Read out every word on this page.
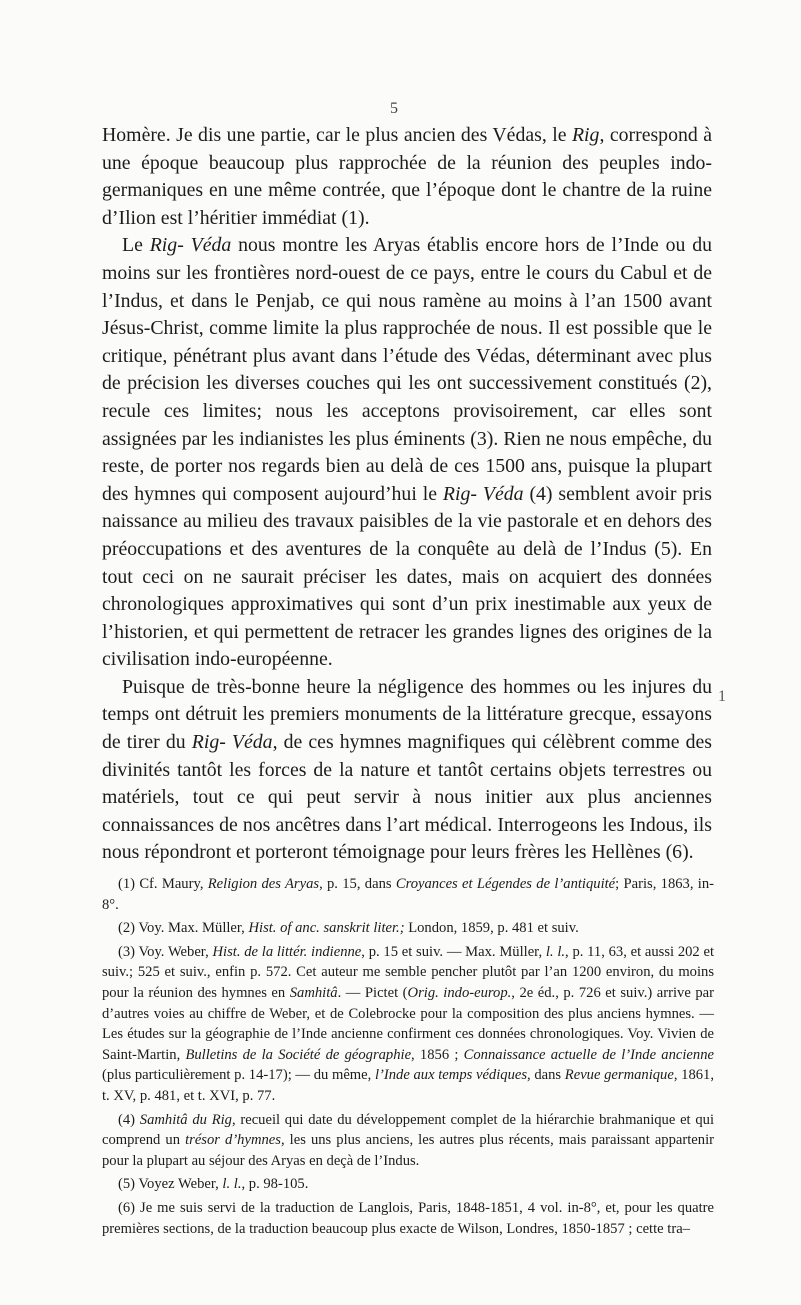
5

Homère. Je dis une partie, car le plus ancien des Védas, le Rig, correspond à une époque beaucoup plus rapprochée de la réunion des peuples indo-germaniques en une même contrée, que l’époque dont le chantre de la ruine d’Ilion est l’héritier immédiat (1).

Le Rig- Véda nous montre les Aryas établis encore hors de l’Inde ou du moins sur les frontières nord-ouest de ce pays, entre le cours du Cabul et de l’Indus, et dans le Penjab, ce qui nous ramène au moins à l’an 1500 avant Jésus-Christ, comme limite la plus rapprochée de nous. Il est possible que le critique, pénétrant plus avant dans l’étude des Védas, déterminant avec plus de précision les diverses couches qui les ont successivement constitués (2), recule ces limites; nous les acceptons provisoirement, car elles sont assignées par les indianistes les plus éminents (3). Rien ne nous empêche, du reste, de porter nos regards bien au delà de ces 1500 ans, puisque la plupart des hymnes qui composent aujourd’hui le Rig- Véda (4) semblent avoir pris naissance au milieu des travaux paisibles de la vie pastorale et en dehors des préoccupations et des aventures de la conquête au delà de l’Indus (5). En tout ceci on ne saurait préciser les dates, mais on acquiert des données chronologiques approximatives qui sont d’un prix inestimable aux yeux de l’historien, et qui permettent de retracer les grandes lignes des origines de la civilisation indo-européenne.

Puisque de très-bonne heure la négligence des hommes ou les injures du temps ont détruit les premiers monuments de la littérature grecque, essayons de tirer du Rig- Véda, de ces hymnes magnifiques qui célèbrent comme des divinités tantôt les forces de la nature et tantôt certains objets terrestres ou matériels, tout ce qui peut servir à nous initier aux plus anciennes connaissances de nos ancêtres dans l’art médical. Interrogeons les Indous, ils nous répondront et porteront témoignage pour leurs frères les Hellènes (6).

1

(1) Cf. Maury, Religion des Aryas, p. 15, dans Croyances et Légendes de l’antiquité; Paris, 1863, in-8°.

(2) Voy. Max. Müller, Hist. of anc. sanskrit liter.; London, 1859, p. 481 et suiv.

(3) Voy. Weber, Hist. de la littér. indienne, p. 15 et suiv. — Max. Müller, l. l., p. 11, 63, et aussi 202 et suiv.; 525 et suiv., enfin p. 572. Cet auteur me semble pencher plutôt par l’an 1200 environ, du moins pour la réunion des hymnes en Samhitâ. — Pictet (Orig. indo-europ., 2e éd., p. 726 et suiv.) arrive par d’autres voies au chiffre de Weber, et de Colebrocke pour la composition des plus anciens hymnes. — Les études sur la géographie de l’Inde ancienne confirment ces données chronologiques. Voy. Vivien de Saint-Martin, Bulletins de la Société de géographie, 1856 ; Connaissance actuelle de l’Inde ancienne (plus particulièrement p. 14-17); — du même, l’Inde aux temps védiques, dans Revue germanique, 1861, t. XV, p. 481, et t. XVI, p. 77.

(4) Samhitâ du Rig, recueil qui date du développement complet de la hiérarchie brahmanique et qui comprend un trésor d’hymnes, les uns plus anciens, les autres plus récents, mais paraissant appartenir pour la plupart au séjour des Aryas en deçà de l’Indus.

(5) Voyez Weber, l. l., p. 98-105.

(6) Je me suis servi de la traduction de Langlois, Paris, 1848-1851, 4 vol. in-8°, et, pour les quatre premières sections, de la traduction beaucoup plus exacte de Wilson, Londres, 1850-1857 ; cette tra–
